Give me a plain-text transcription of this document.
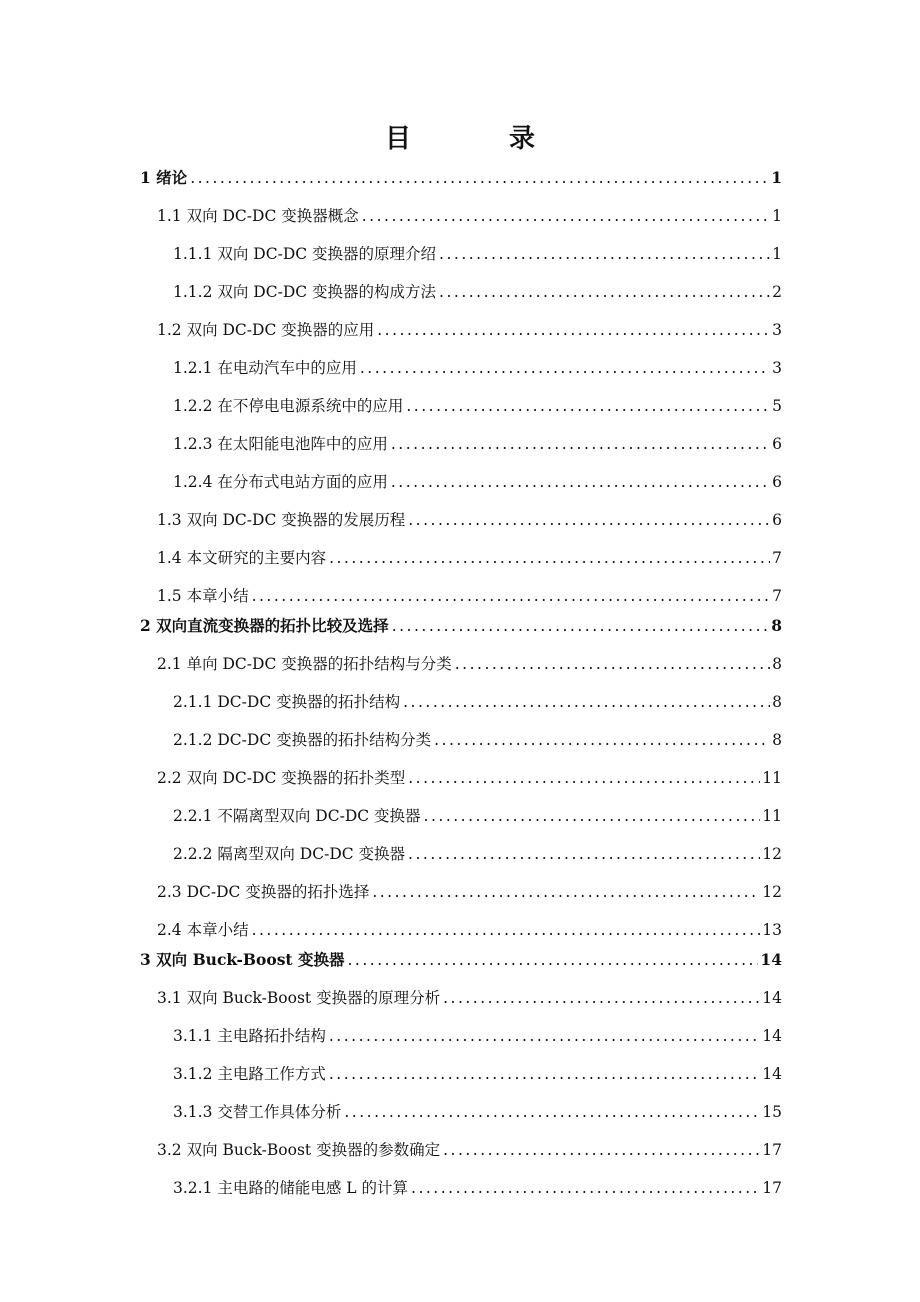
目　录
1 绪论 .....	1
1.1 双向 DC-DC 变换器概念 .....	1
1.1.1 双向 DC-DC 变换器的原理介绍 .....	1
1.1.2 双向 DC-DC 变换器的构成方法 .....	2
1.2 双向 DC-DC 变换器的应用 .....	3
1.2.1 在电动汽车中的应用 .....	3
1.2.2 在不停电电源系统中的应用 .....	5
1.2.3 在太阳能电池阵中的应用 .....	6
1.2.4 在分布式电站方面的应用 .....	6
1.3 双向 DC-DC 变换器的发展历程 .....	6
1.4 本文研究的主要内容 .....	7
1.5 本章小结 .....	7
2 双向直流变换器的拓扑比较及选择 .....	8
2.1 单向 DC-DC 变换器的拓扑结构与分类 .....	8
2.1.1 DC-DC 变换器的拓扑结构 .....	8
2.1.2 DC-DC 变换器的拓扑结构分类 .....	8
2.2 双向 DC-DC 变换器的拓扑类型 .....	11
2.2.1 不隔离型双向 DC-DC 变换器 .....	11
2.2.2 隔离型双向 DC-DC 变换器 .....	12
2.3 DC-DC 变换器的拓扑选择 .....	12
2.4 本章小结 .....	13
3 双向 Buck-Boost 变换器 .....	14
3.1 双向 Buck-Boost 变换器的原理分析 .....	14
3.1.1 主电路拓扑结构 .....	14
3.1.2 主电路工作方式 .....	14
3.1.3 交替工作具体分析 .....	15
3.2 双向 Buck-Boost 变换器的参数确定 .....	17
3.2.1 主电路的储能电感 L 的计算 .....	17
